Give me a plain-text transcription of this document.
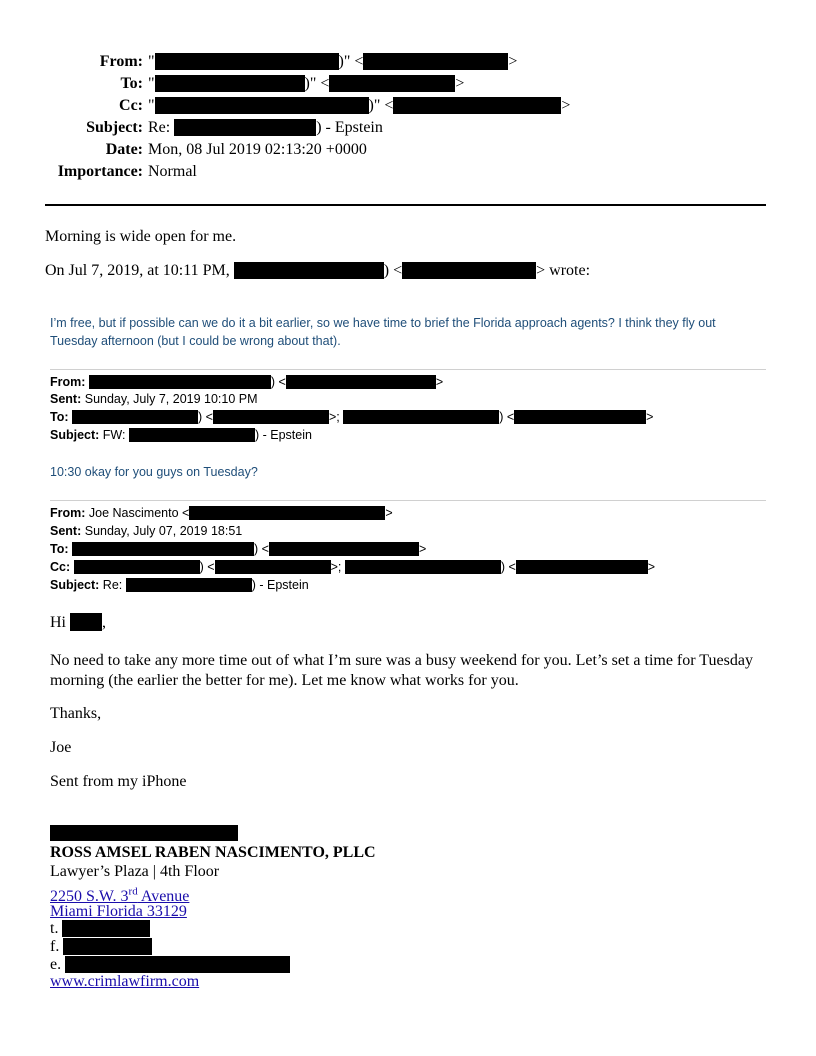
From: "	)" <	>
To: "	)" <	>
Cc: "	)" <	>
Subject: Re:	) - Epstein
Date: Mon, 08 Jul 2019 02:13:20 +0000
Importance: Normal
Morning is wide open for me.
On Jul 7, 2019, at 10:11 PM,	) <	> wrote:
I’m free, but if possible can we do it a bit earlier, so we have time to brief the Florida approach agents? I think they fly out Tuesday afternoon (but I could be wrong about that).
From:	) <	>
Sent: Sunday, July 7, 2019 10:10 PM
To:	) <	>;	) <	>
Subject: FW:	) - Epstein
10:30 okay for you guys on Tuesday?
From: Joe Nascimento <	>
Sent: Sunday, July 07, 2019 18:51
To:	) <	>
Cc:	) <	>;	) <	>
Subject: Re:	) - Epstein
Hi ,
No need to take any more time out of what I’m sure was a busy weekend for you. Let’s set a time for Tuesday morning (the earlier the better for me). Let me know what works for you.
Thanks,
Joe
Sent from my iPhone
ROSS AMSEL RABEN NASCIMENTO, PLLC
Lawyer’s Plaza | 4th Floor
2250 S.W. 3rd Avenue
Miami Florida 33129
t.
f.
e.
www.crimlawfirm.com
